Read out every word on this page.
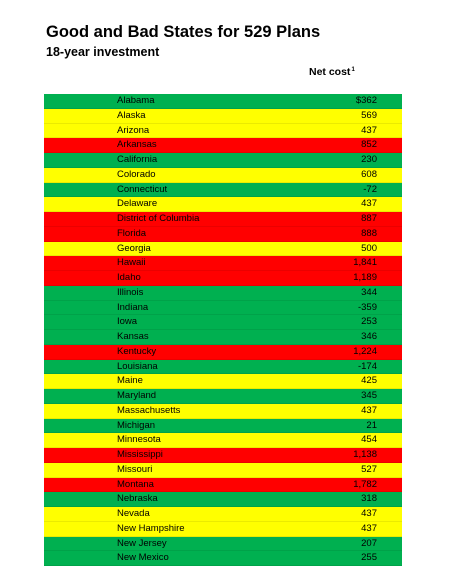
Good and Bad States for 529 Plans
18-year investment
Net cost$^1$
Alabama	$362
Alaska	569
Arizona	437
Arkansas	852
California	230
Colorado	608
Connecticut	-72
Delaware	437
District of Columbia	887
Florida	888
Georgia	500
Hawaii	1,841
Idaho	1,189
Illinois	344
Indiana	-359
Iowa	253
Kansas	346
Kentucky	1,224
Louisiana	-174
Maine	425
Maryland	345
Massachusetts	437
Michigan	21
Minnesota	454
Mississippi	1,138
Missouri	527
Montana	1,782
Nebraska	318
Nevada	437
New Hampshire	437
New Jersey	207
New Mexico	255
